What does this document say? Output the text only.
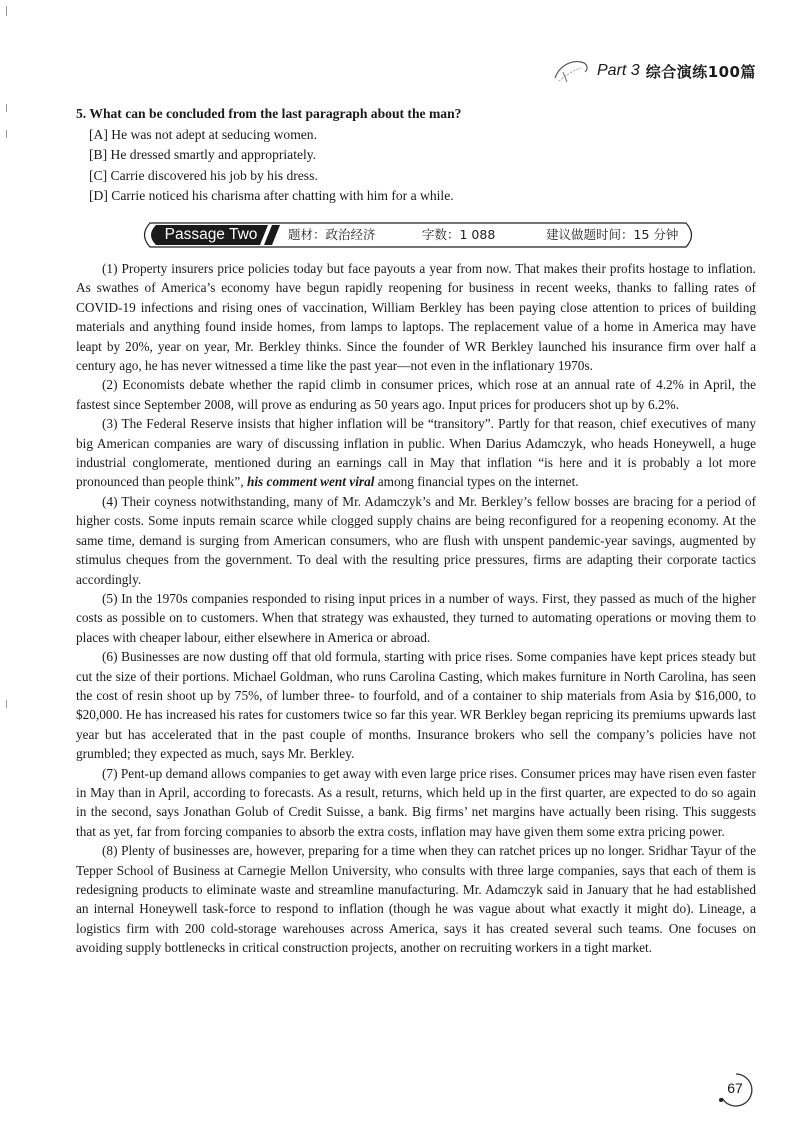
Part 3 综合演练100篇
5. What can be concluded from the last paragraph about the man?
[A] He was not adept at seducing women.
[B] He dressed smartly and appropriately.
[C] Carrie discovered his job by his dress.
[D] Carrie noticed his charisma after chatting with him for a while.
Passage Two	题材：政治经济	字数：1 088	建议做题时间：15 分钟

(1) Property insurers price policies today but face payouts a year from now. That makes their profits hostage to inflation. As swathes of America’s economy have begun rapidly reopening for business in recent weeks, thanks to falling rates of COVID-19 infections and rising ones of vaccination, William Berkley has been paying close attention to prices of building materials and anything found inside homes, from lamps to laptops. The replacement value of a home in America may have leapt by 20%, year on year, Mr. Berkley thinks. Since the founder of WR Berkley launched his insurance firm over half a century ago, he has never witnessed a time like the past year—not even in the inflationary 1970s.

(2) Economists debate whether the rapid climb in consumer prices, which rose at an annual rate of 4.2% in April, the fastest since September 2008, will prove as enduring as 50 years ago. Input prices for producers shot up by 6.2%.

(3) The Federal Reserve insists that higher inflation will be “transitory”. Partly for that reason, chief executives of many big American companies are wary of discussing inflation in public. When Darius Adamczyk, who heads Honeywell, a huge industrial conglomerate, mentioned during an earnings call in May that inflation “is here and it is probably a lot more pronounced than people think”, his comment went viral among financial types on the internet.

(4) Their coyness notwithstanding, many of Mr. Adamczyk’s and Mr. Berkley’s fellow bosses are bracing for a period of higher costs. Some inputs remain scarce while clogged supply chains are being reconfigured for a reopening economy. At the same time, demand is surging from American consumers, who are flush with unspent pandemic-year savings, augmented by stimulus cheques from the government. To deal with the resulting price pressures, firms are adapting their corporate tactics accordingly.

(5) In the 1970s companies responded to rising input prices in a number of ways. First, they passed as much of the higher costs as possible on to customers. When that strategy was exhausted, they turned to automating operations or moving them to places with cheaper labour, either elsewhere in America or abroad.

(6) Businesses are now dusting off that old formula, starting with price rises. Some companies have kept prices steady but cut the size of their portions. Michael Goldman, who runs Carolina Casting, which makes furniture in North Carolina, has seen the cost of resin shoot up by 75%, of lumber three- to fourfold, and of a container to ship materials from Asia by $16,000, to $20,000. He has increased his rates for customers twice so far this year. WR Berkley began repricing its premiums upwards last year but has accelerated that in the past couple of months. Insurance brokers who sell the company’s policies have not grumbled; they expected as much, says Mr. Berkley.

(7) Pent-up demand allows companies to get away with even large price rises. Consumer prices may have risen even faster in May than in April, according to forecasts. As a result, returns, which held up in the first quarter, are expected to do so again in the second, says Jonathan Golub of Credit Suisse, a bank. Big firms’ net margins have actually been rising. This suggests that as yet, far from forcing companies to absorb the extra costs, inflation may have given them some extra pricing power.

(8) Plenty of businesses are, however, preparing for a time when they can ratchet prices up no longer. Sridhar Tayur of the Tepper School of Business at Carnegie Mellon University, who consults with three large companies, says that each of them is redesigning products to eliminate waste and streamline manufacturing. Mr. Adamczyk said in January that he had established an internal Honeywell task-force to respond to inflation (though he was vague about what exactly it might do). Lineage, a logistics firm with 200 cold-storage warehouses across America, says it has created several such teams. One focuses on avoiding supply bottlenecks in critical construction projects, another on recruiting workers in a tight market.

67
